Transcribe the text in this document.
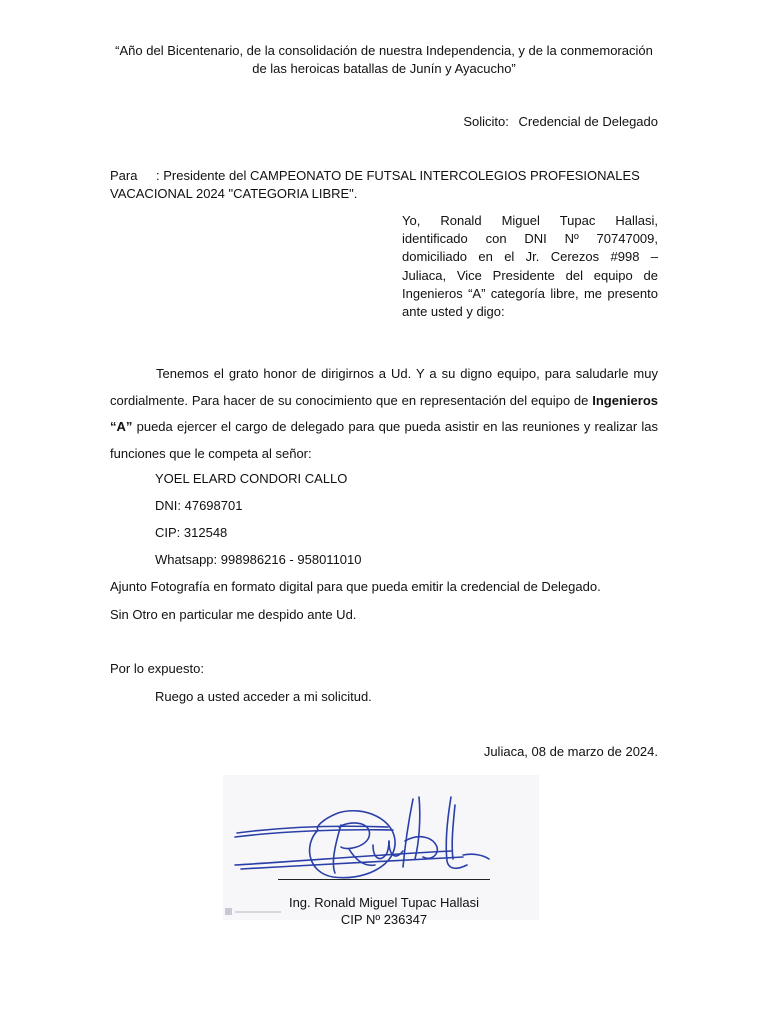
“Año del Bicentenario, de la consolidación de nuestra Independencia, y de la conmemoración
de las heroicas batallas de Junín y Ayacucho”
Solicito: Credencial de Delegado
Para : Presidente del CAMPEONATO DE FUTSAL INTERCOLEGIOS PROFESIONALES VACACIONAL 2024 "CATEGORIA LIBRE".
Yo, Ronald Miguel Tupac Hallasi, identificado con DNI Nº 70747009, domiciliado en el Jr. Cerezos #998 – Juliaca, Vice Presidente del equipo de Ingenieros “A” categoría libre, me presento ante usted y digo:
Tenemos el grato honor de dirigirnos a Ud. Y a su digno equipo, para saludarle muy cordialmente. Para hacer de su conocimiento que en representación del equipo de Ingenieros “A” pueda ejercer el cargo de delegado para que pueda asistir en las reuniones y realizar las funciones que le competa al señor:
YOEL ELARD CONDORI CALLO
DNI: 47698701
CIP: 312548
Whatsapp: 998986216 - 958011010
Ajunto Fotografía en formato digital para que pueda emitir la credencial de Delegado.
Sin Otro en particular me despido ante Ud.
Por lo expuesto:
Ruego a usted acceder a mi solicitud.
Juliaca, 08 de marzo de 2024.
Ing. Ronald Miguel Tupac Hallasi
CIP Nº 236347
